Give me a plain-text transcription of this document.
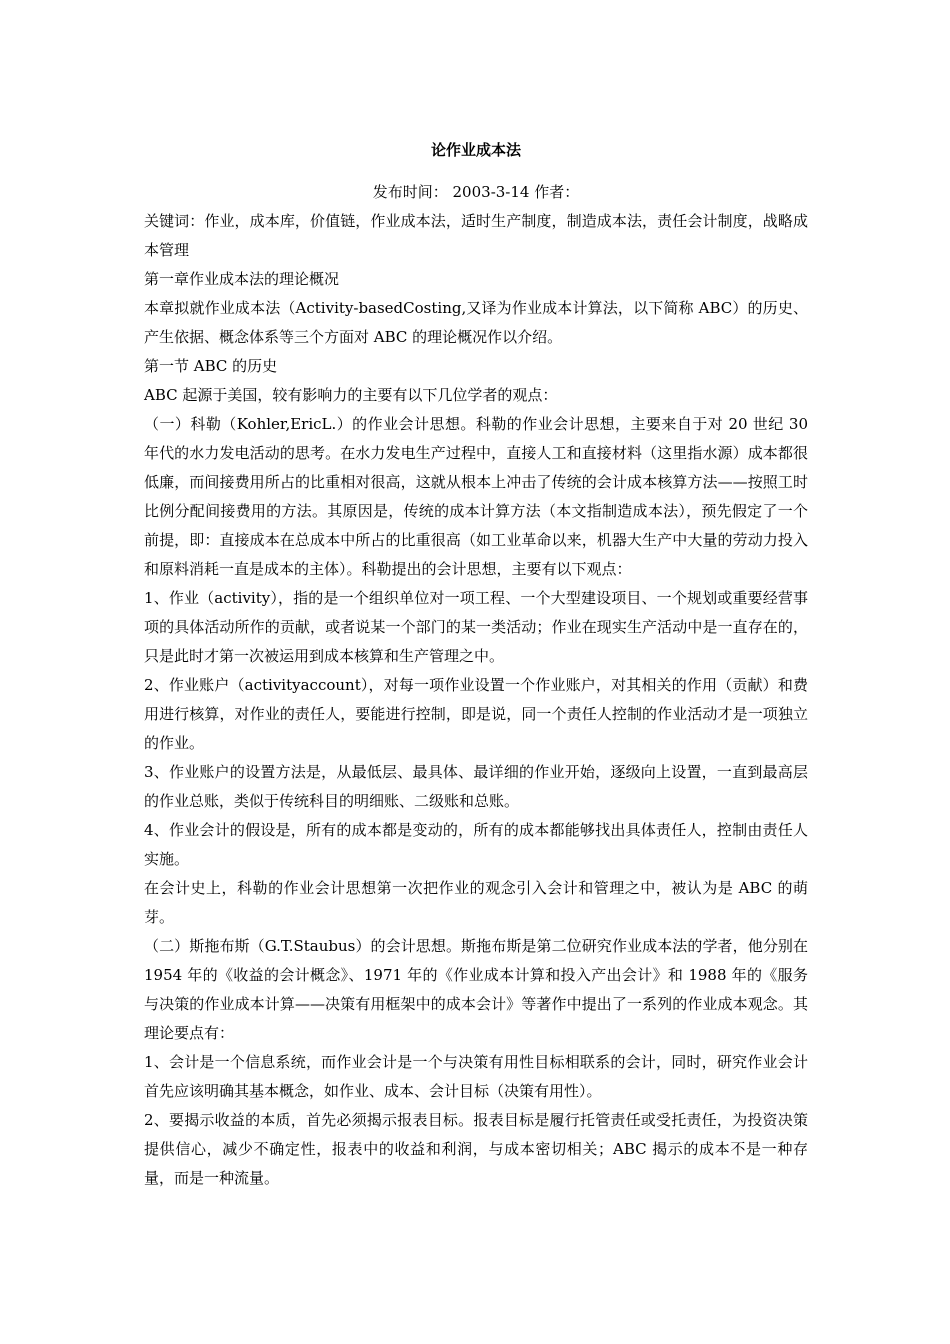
论作业成本法
发布时间： 2003-3-14 作者：
关键词：作业，成本库，价值链，作业成本法，适时生产制度，制造成本法，责任会计制度，战略成本管理
第一章作业成本法的理论概况
本章拟就作业成本法（Activity-basedCosting,又译为作业成本计算法，以下简称 ABC）的历史、产生依据、概念体系等三个方面对 ABC 的理论概况作以介绍。
第一节 ABC 的历史
ABC 起源于美国，较有影响力的主要有以下几位学者的观点：
（一）科勒（Kohler,EricL.）的作业会计思想。科勒的作业会计思想，主要来自于对 20 世纪 30 年代的水力发电活动的思考。在水力发电生产过程中，直接人工和直接材料（这里指水源）成本都很低廉，而间接费用所占的比重相对很高，这就从根本上冲击了传统的会计成本核算方法——按照工时比例分配间接费用的方法。其原因是，传统的成本计算方法（本文指制造成本法），预先假定了一个前提，即：直接成本在总成本中所占的比重很高（如工业革命以来，机器大生产中大量的劳动力投入和原料消耗一直是成本的主体）。科勒提出的会计思想，主要有以下观点：
1、作业（activity），指的是一个组织单位对一项工程、一个大型建设项目、一个规划或重要经营事项的具体活动所作的贡献，或者说某一个部门的某一类活动；作业在现实生产活动中是一直存在的，只是此时才第一次被运用到成本核算和生产管理之中。
2、作业账户（activityaccount），对每一项作业设置一个作业账户，对其相关的作用（贡献）和费用进行核算，对作业的责任人，要能进行控制，即是说，同一个责任人控制的作业活动才是一项独立的作业。
3、作业账户的设置方法是，从最低层、最具体、最详细的作业开始，逐级向上设置，一直到最高层的作业总账，类似于传统科目的明细账、二级账和总账。
4、作业会计的假设是，所有的成本都是变动的，所有的成本都能够找出具体责任人，控制由责任人实施。
在会计史上，科勒的作业会计思想第一次把作业的观念引入会计和管理之中，被认为是 ABC 的萌芽。
（二）斯拖布斯（G.T.Staubus）的会计思想。斯拖布斯是第二位研究作业成本法的学者，他分别在 1954 年的《收益的会计概念》、1971 年的《作业成本计算和投入产出会计》和 1988 年的《服务与决策的作业成本计算——决策有用框架中的成本会计》等著作中提出了一系列的作业成本观念。其理论要点有：
1、会计是一个信息系统，而作业会计是一个与决策有用性目标相联系的会计，同时，研究作业会计首先应该明确其基本概念，如作业、成本、会计目标（决策有用性）。
2、要揭示收益的本质，首先必须揭示报表目标。报表目标是履行托管责任或受托责任，为投资决策提供信心，减少不确定性，报表中的收益和利润，与成本密切相关；ABC 揭示的成本不是一种存量，而是一种流量。
